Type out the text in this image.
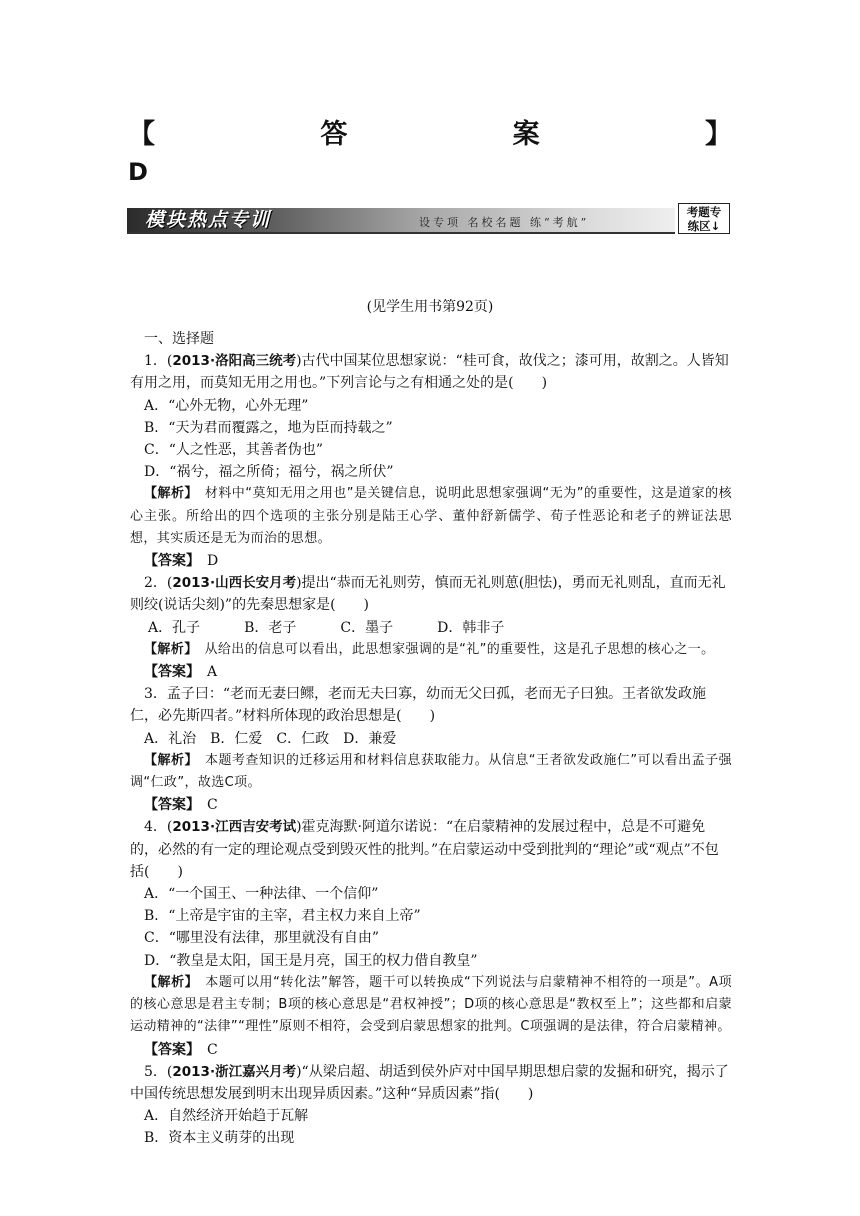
【	答	案	】
D
模块热点专训	设专项 名校名题 练“考航”
考题专
练区↓
(见学生用书第92页)

一、选择题

1．(2013·洛阳高三统考)古代中国某位思想家说：“桂可食，故伐之；漆可用，故割之。人皆知有用之用，而莫知无用之用也。”下列言论与之有相通之处的是(　　)

A．“心外无物，心外无理”

B．“天为君而覆露之，地为臣而持载之”

C．“人之性恶，其善者伪也”

D．“祸兮，福之所倚；福兮，祸之所伏”

【解析】　材料中“莫知无用之用也”是关键信息，说明此思想家强调“无为”的重要性，这是道家的核心主张。所给出的四个选项的主张分别是陆王心学、董仲舒新儒学、荀子性恶论和老子的辨证法思想，其实质还是无为而治的思想。

【答案】　D

2．(2013·山西长安月考)提出“恭而无礼则劳，慎而无礼则葸(胆怯)，勇而无礼则乱，直而无礼则绞(说话尖刻)”的先秦思想家是(　　)

A．孔子	B．老子	C．墨子	D．韩非子

【解析】　从给出的信息可以看出，此思想家强调的是“礼”的重要性，这是孔子思想的核心之一。

【答案】　A

3．孟子曰：“老而无妻曰鳏，老而无夫曰寡，幼而无父曰孤，老而无子曰独。王者欲发政施仁，必先斯四者。”材料所体现的政治思想是(　　)

A．礼治 B．仁爱 C．仁政 D．兼爱

【解析】　本题考查知识的迁移运用和材料信息获取能力。从信息“王者欲发政施仁”可以看出孟子强调“仁政”，故选C项。

【答案】　C

4．(2013·江西吉安考试)霍克海默·阿道尔诺说：“在启蒙精神的发展过程中，总是不可避免的，必然的有一定的理论观点受到毁灭性的批判。”在启蒙运动中受到批判的“理论”或“观点”不包括(　　)

A．“一个国王、一种法律、一个信仰”

B．“上帝是宇宙的主宰，君主权力来自上帝”

C．“哪里没有法律，那里就没有自由”

D．“教皇是太阳，国王是月亮，国王的权力借自教皇”

【解析】　本题可以用“转化法”解答，题干可以转换成“下列说法与启蒙精神不相符的一项是”。A项的核心意思是君主专制；B项的核心意思是“君权神授”；D项的核心意思是“教权至上”；这些都和启蒙运动精神的“法律”“理性”原则不相符，会受到启蒙思想家的批判。C项强调的是法律，符合启蒙精神。

【答案】　C

5．(2013·浙江嘉兴月考)“从梁启超、胡适到侯外庐对中国早期思想启蒙的发掘和研究，揭示了中国传统思想发展到明末出现异质因素。”这种“异质因素”指(　　)

A．自然经济开始趋于瓦解

B．资本主义萌芽的出现
